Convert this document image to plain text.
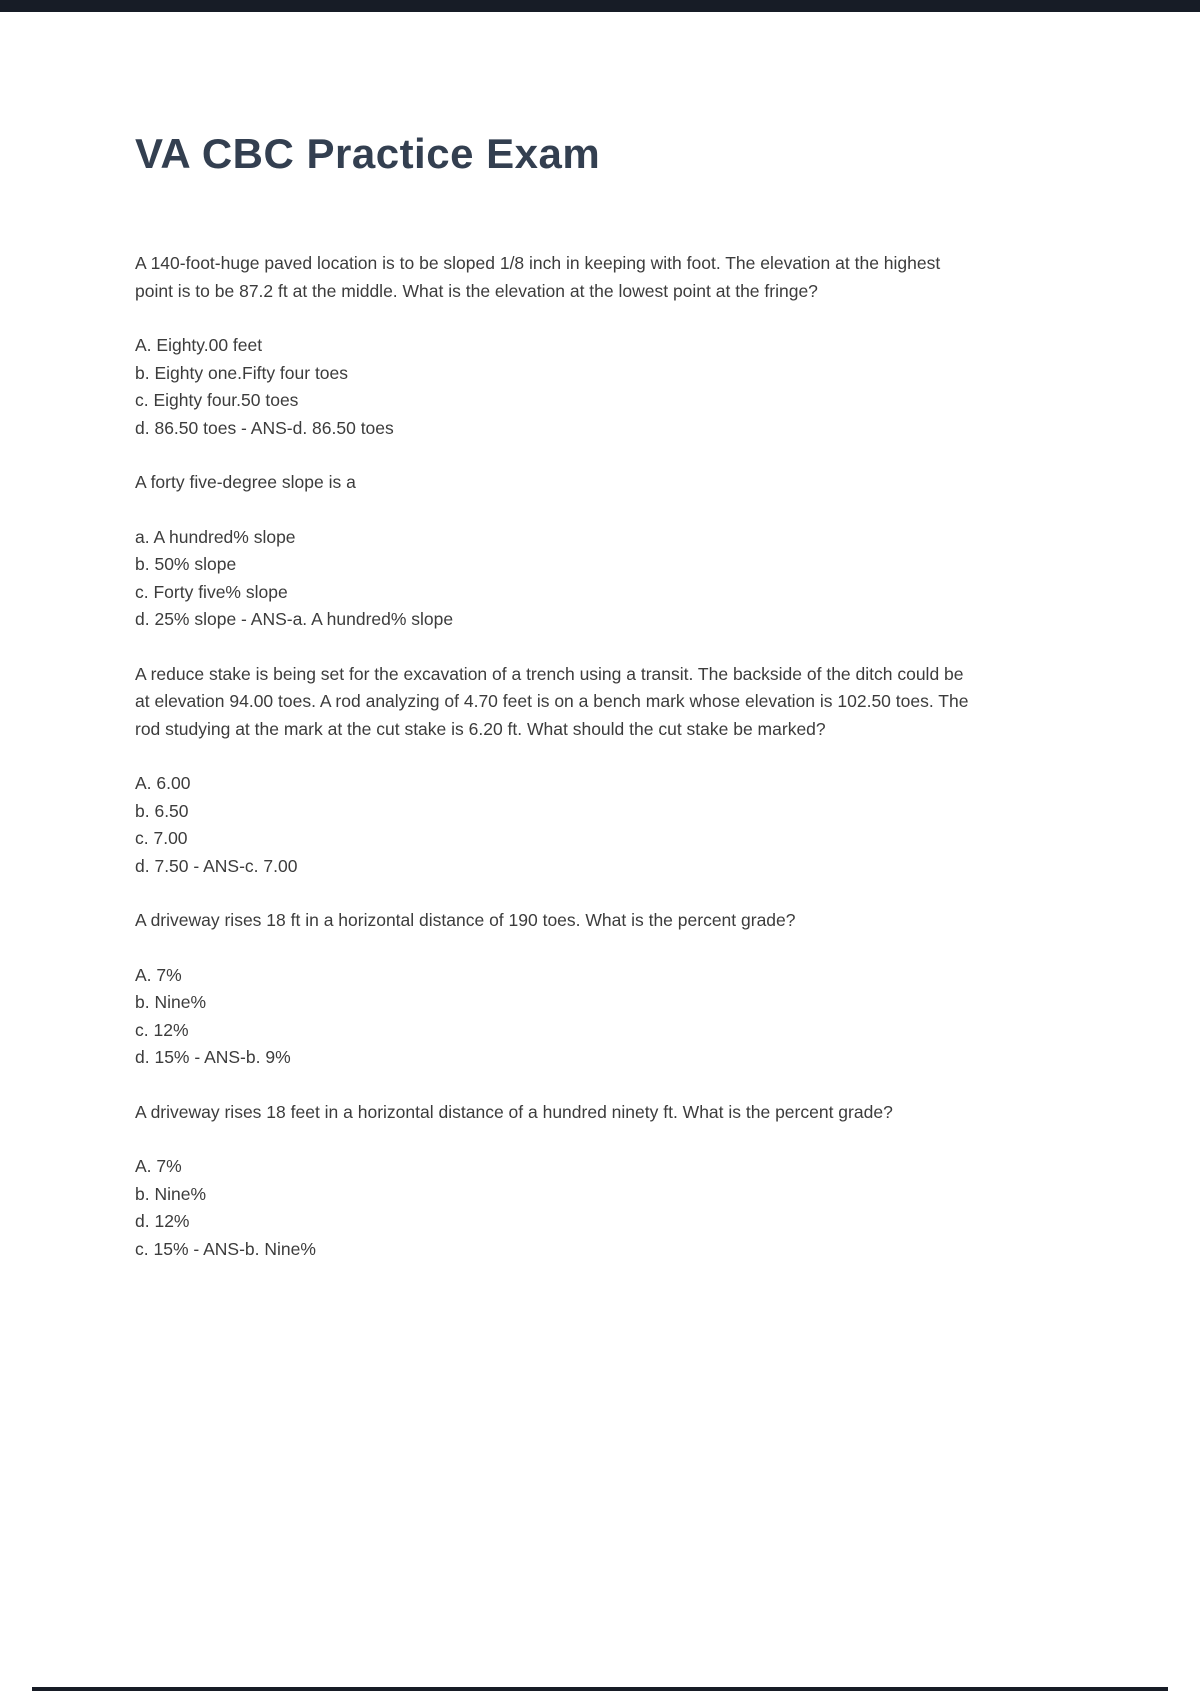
VA CBC Practice Exam

A 140-foot-huge paved location is to be sloped 1/8 inch in keeping with foot. The elevation at the highest point is to be 87.2 ft at the middle. What is the elevation at the lowest point at the fringe?

A. Eighty.00 feet
b. Eighty one.Fifty four toes
c. Eighty four.50 toes
d. 86.50 toes - ANS-d. 86.50 toes

A forty five-degree slope is a

a. A hundred% slope
b. 50% slope
c. Forty five% slope
d. 25% slope - ANS-a. A hundred% slope

A reduce stake is being set for the excavation of a trench using a transit. The backside of the ditch could be at elevation 94.00 toes. A rod analyzing of 4.70 feet is on a bench mark whose elevation is 102.50 toes. The rod studying at the mark at the cut stake is 6.20 ft. What should the cut stake be marked?

A. 6.00
b. 6.50
c. 7.00
d. 7.50 - ANS-c. 7.00

A driveway rises 18 ft in a horizontal distance of 190 toes. What is the percent grade?

A. 7%
b. Nine%
c. 12%
d. 15% - ANS-b. 9%

A driveway rises 18 feet in a horizontal distance of a hundred ninety ft. What is the percent grade?

A. 7%
b. Nine%
d. 12%
c. 15% - ANS-b. Nine%
